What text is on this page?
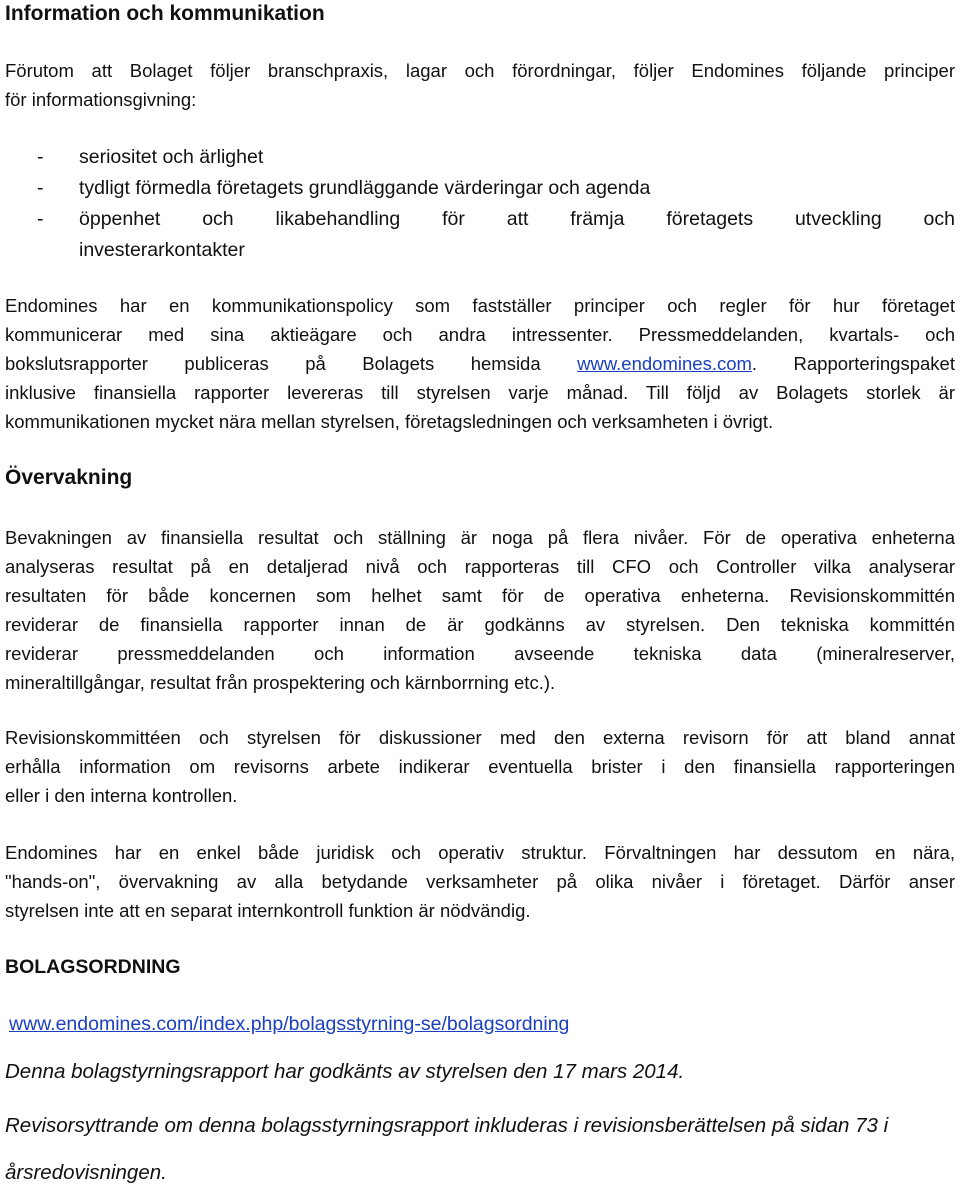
Information och kommunikation

Förutom att Bolaget följer branschpraxis, lagar och förordningar, följer Endomines följande principer
för informationsgivning:

- seriositet och ärlighet
- tydligt förmedla företagets grundläggande värderingar och agenda
- öppenhet och likabehandling för att främja företagets utveckling och
investerarkontakter

Endomines har en kommunikationspolicy som fastställer principer och regler för hur företaget
kommunicerar med sina aktieägare och andra intressenter. Pressmeddelanden, kvartals- och
bokslutsrapporter publiceras på Bolagets hemsida www.endomines.com. Rapporteringspaket
inklusive finansiella rapporter levereras till styrelsen varje månad. Till följd av Bolagets storlek är
kommunikationen mycket nära mellan styrelsen, företagsledningen och verksamheten i övrigt.

Övervakning

Bevakningen av finansiella resultat och ställning är noga på flera nivåer. För de operativa enheterna
analyseras resultat på en detaljerad nivå och rapporteras till CFO och Controller vilka analyserar
resultaten för både koncernen som helhet samt för de operativa enheterna. Revisionskommittén
reviderar de finansiella rapporter innan de är godkänns av styrelsen. Den tekniska kommittén
reviderar pressmeddelanden och information avseende tekniska data (mineralreserver,
mineraltillgångar, resultat från prospektering och kärnborrning etc.).

Revisionskommittéen och styrelsen för diskussioner med den externa revisorn för att bland annat
erhålla information om revisorns arbete indikerar eventuella brister i den finansiella rapporteringen
eller i den interna kontrollen.

Endomines har en enkel både juridisk och operativ struktur. Förvaltningen har dessutom en nära,
"hands-on", övervakning av alla betydande verksamheter på olika nivåer i företaget. Därför anser
styrelsen inte att en separat internkontroll funktion är nödvändig.

BOLAGSORDNING

www.endomines.com/index.php/bolagsstyrning-se/bolagsordning

Denna bolagstyrningsrapport har godkänts av styrelsen den 17 mars 2014.

Revisorsyttrande om denna bolagsstyrningsrapport inkluderas i revisionsberättelsen på sidan 73 i årsredovisningen.
